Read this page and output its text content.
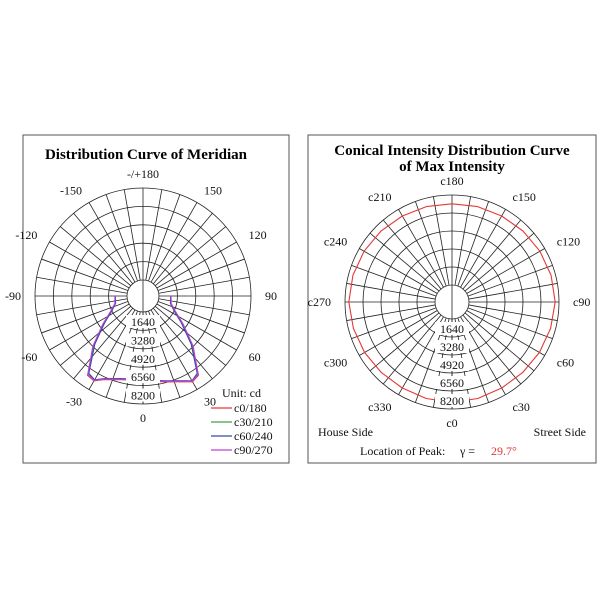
Distribution Curve of Meridian
-/+180
150
120
90
60
30
0
-30
-60
-90
-120
-150
1640
3280
4920
6560
8200	Unit: cd
c0/180
c30/210
c60/240
c90/270
Conical Intensity Distribution Curve
of Max Intensity
c180
c150
c120
c90
c60
c30
c0
c330
c300
c270
c240
c210
1640
3280
4920
6560
8200
House Side	Street Side
Location of Peak: γ = 29.7°
